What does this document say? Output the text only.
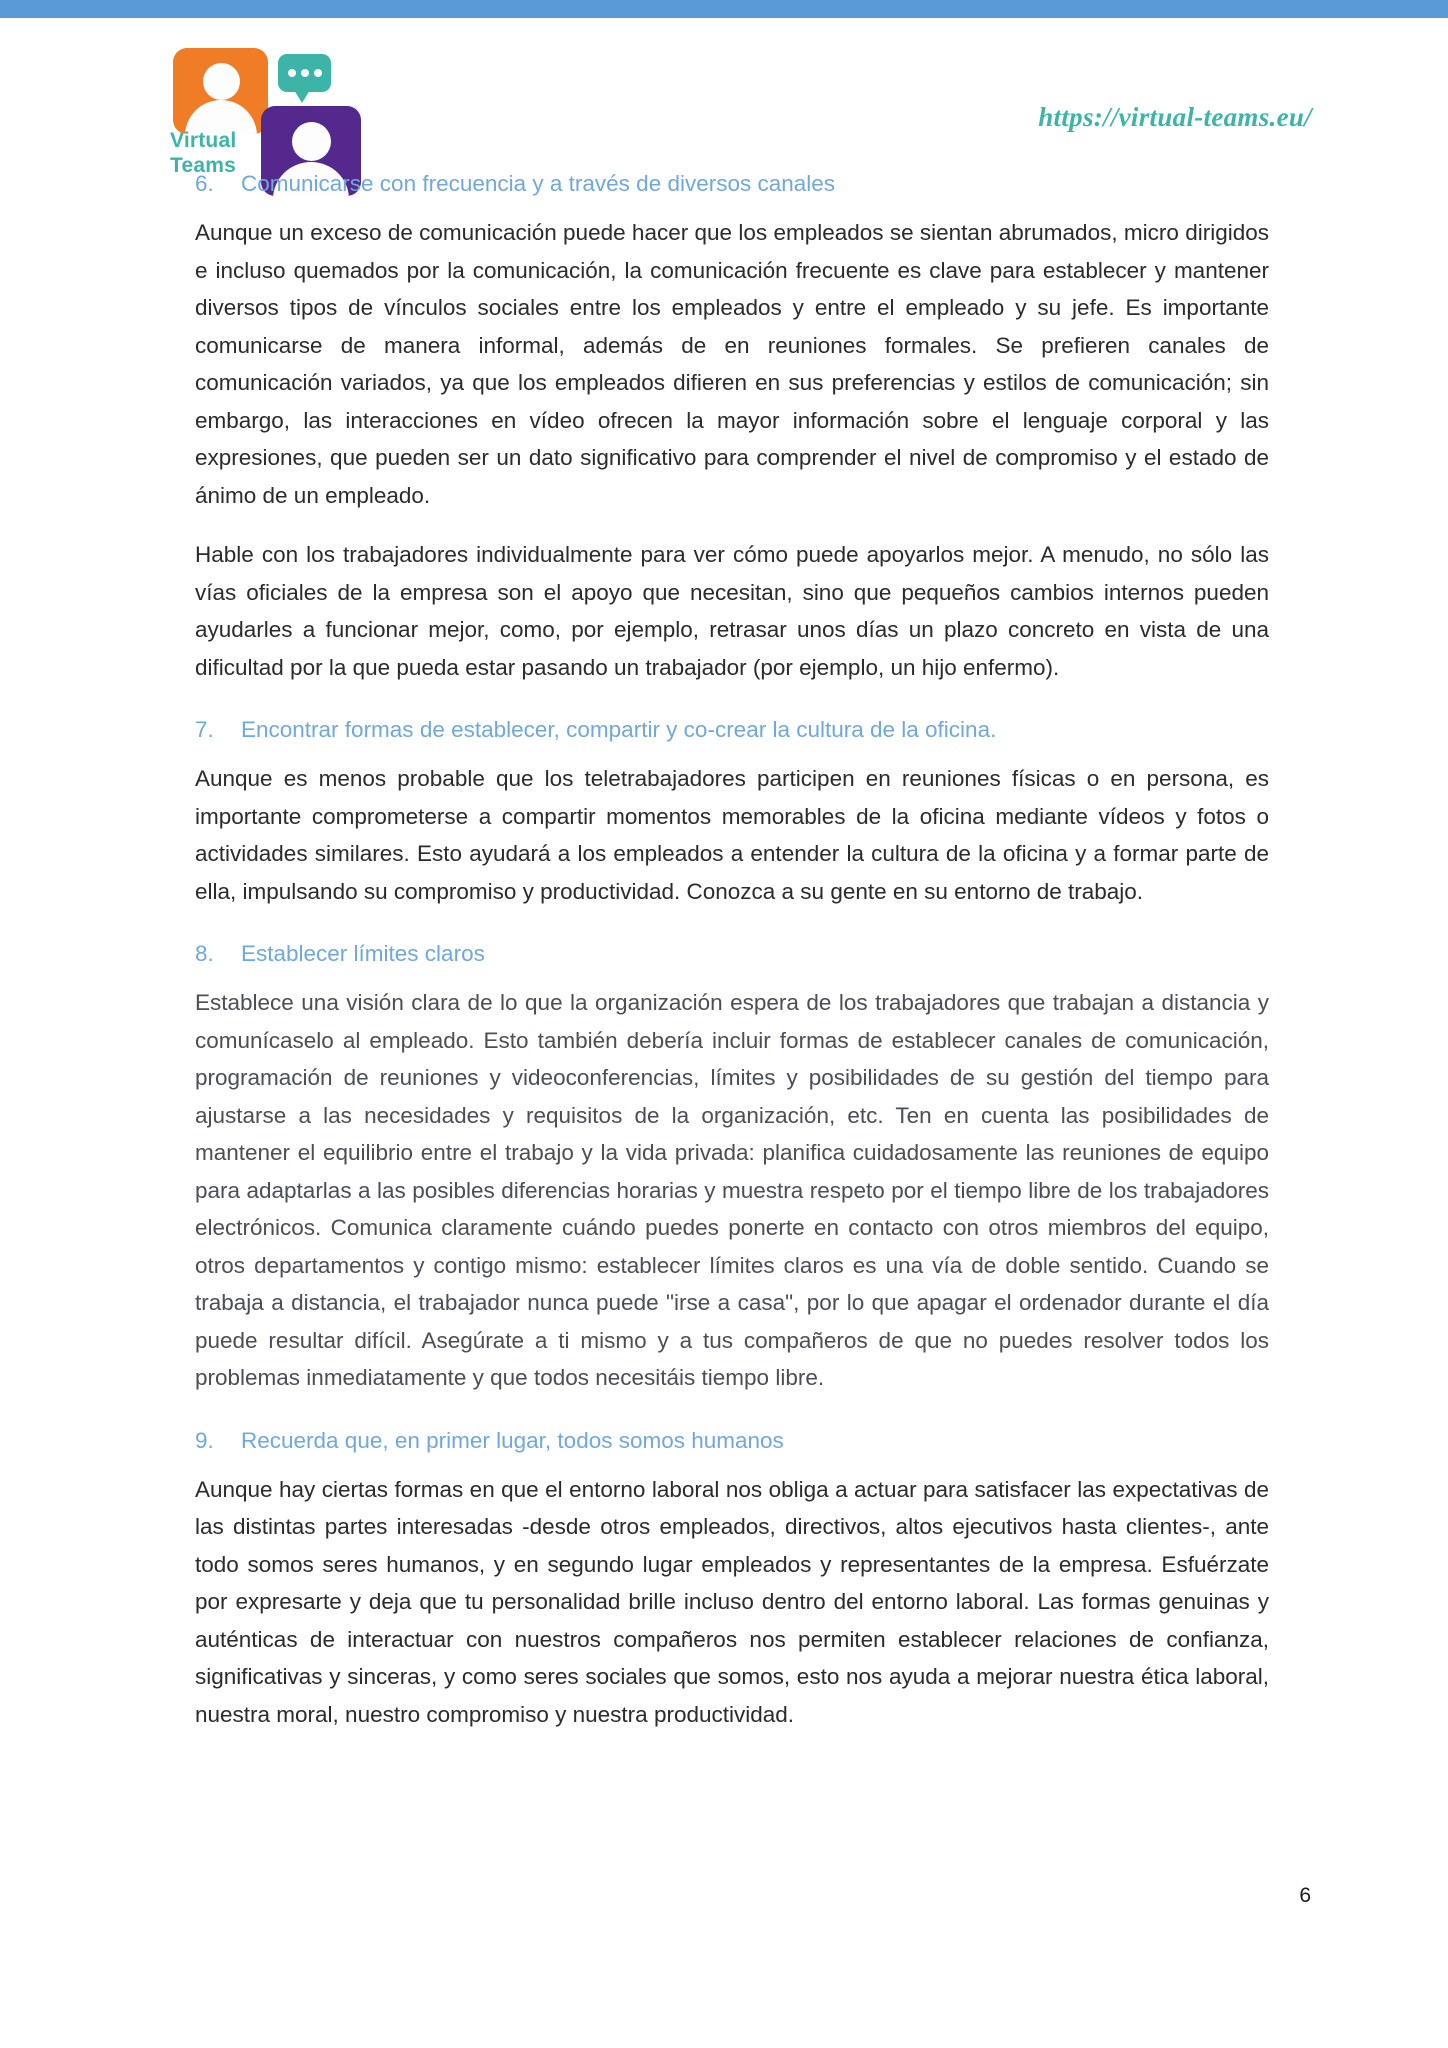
Virtual
Teams
https://virtual-teams.eu/
6. Comunicarse con frecuencia y a través de diversos canales

Aunque un exceso de comunicación puede hacer que los empleados se sientan abrumados, micro dirigidos e incluso quemados por la comunicación, la comunicación frecuente es clave para establecer y mantener diversos tipos de vínculos sociales entre los empleados y entre el empleado y su jefe. Es importante comunicarse de manera informal, además de en reuniones formales. Se prefieren canales de comunicación variados, ya que los empleados difieren en sus preferencias y estilos de comunicación; sin embargo, las interacciones en vídeo ofrecen la mayor información sobre el lenguaje corporal y las expresiones, que pueden ser un dato significativo para comprender el nivel de compromiso y el estado de ánimo de un empleado.

Hable con los trabajadores individualmente para ver cómo puede apoyarlos mejor. A menudo, no sólo las vías oficiales de la empresa son el apoyo que necesitan, sino que pequeños cambios internos pueden ayudarles a funcionar mejor, como, por ejemplo, retrasar unos días un plazo concreto en vista de una dificultad por la que pueda estar pasando un trabajador (por ejemplo, un hijo enfermo).

7. Encontrar formas de establecer, compartir y co-crear la cultura de la oficina.

Aunque es menos probable que los teletrabajadores participen en reuniones físicas o en persona, es importante comprometerse a compartir momentos memorables de la oficina mediante vídeos y fotos o actividades similares. Esto ayudará a los empleados a entender la cultura de la oficina y a formar parte de ella, impulsando su compromiso y productividad. Conozca a su gente en su entorno de trabajo.

8. Establecer límites claros

Establece una visión clara de lo que la organización espera de los trabajadores que trabajan a distancia y comunícaselo al empleado. Esto también debería incluir formas de establecer canales de comunicación, programación de reuniones y videoconferencias, límites y posibilidades de su gestión del tiempo para ajustarse a las necesidades y requisitos de la organización, etc. Ten en cuenta las posibilidades de mantener el equilibrio entre el trabajo y la vida privada: planifica cuidadosamente las reuniones de equipo para adaptarlas a las posibles diferencias horarias y muestra respeto por el tiempo libre de los trabajadores electrónicos. Comunica claramente cuándo puedes ponerte en contacto con otros miembros del equipo, otros departamentos y contigo mismo: establecer límites claros es una vía de doble sentido. Cuando se trabaja a distancia, el trabajador nunca puede "irse a casa", por lo que apagar el ordenador durante el día puede resultar difícil. Asegúrate a ti mismo y a tus compañeros de que no puedes resolver todos los problemas inmediatamente y que todos necesitáis tiempo libre.

9. Recuerda que, en primer lugar, todos somos humanos

Aunque hay ciertas formas en que el entorno laboral nos obliga a actuar para satisfacer las expectativas de las distintas partes interesadas -desde otros empleados, directivos, altos ejecutivos hasta clientes-, ante todo somos seres humanos, y en segundo lugar empleados y representantes de la empresa. Esfuérzate por expresarte y deja que tu personalidad brille incluso dentro del entorno laboral. Las formas genuinas y auténticas de interactuar con nuestros compañeros nos permiten establecer relaciones de confianza, significativas y sinceras, y como seres sociales que somos, esto nos ayuda a mejorar nuestra ética laboral, nuestra moral, nuestro compromiso y nuestra productividad.

6
